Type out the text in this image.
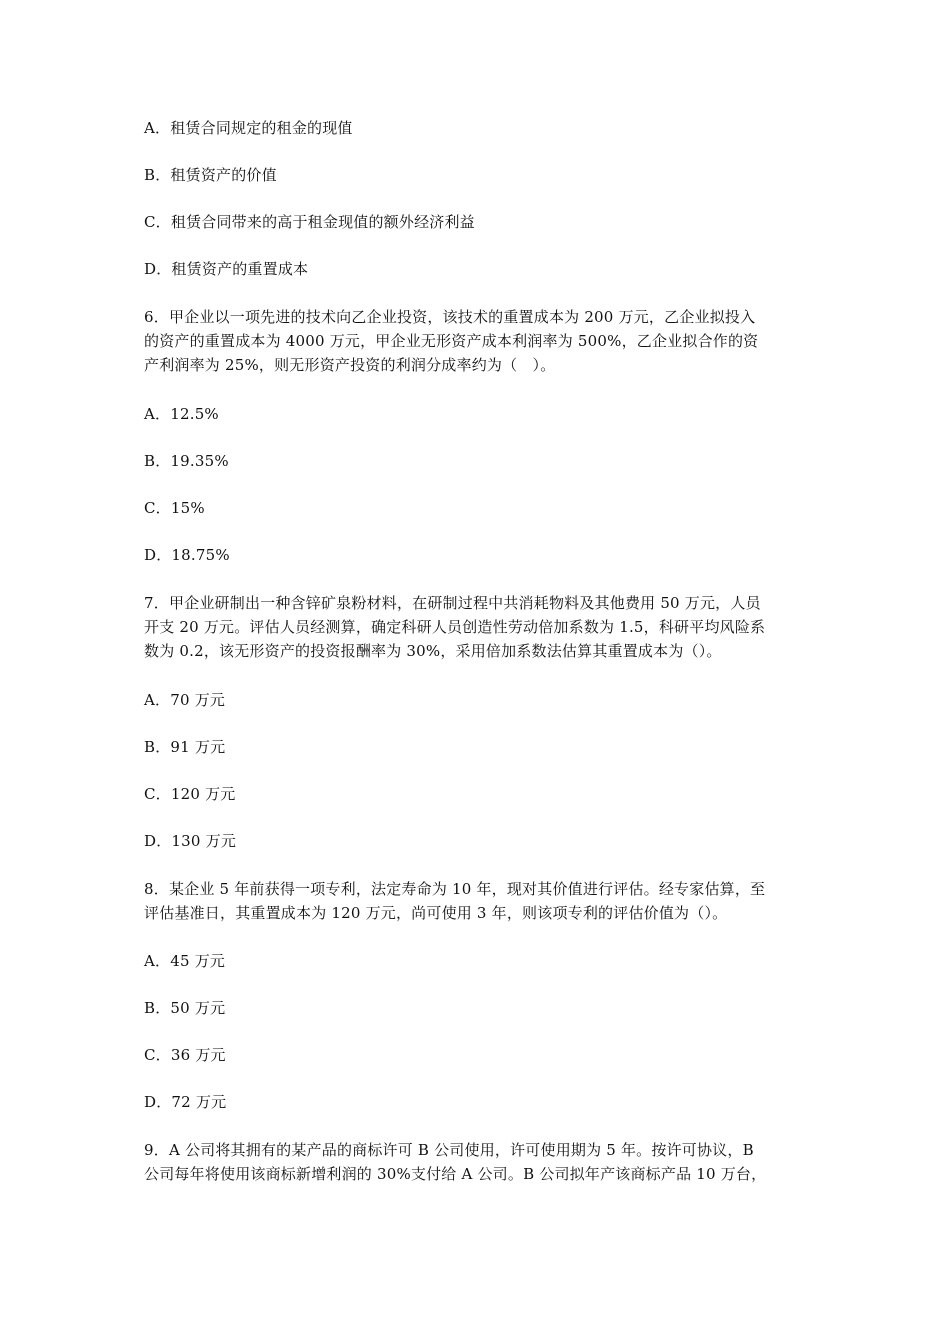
A．租赁合同规定的租金的现值
B．租赁资产的价值
C．租赁合同带来的高于租金现值的额外经济利益
D．租赁资产的重置成本
6．甲企业以一项先进的技术向乙企业投资，该技术的重置成本为 200 万元，乙企业拟投入
的资产的重置成本为 4000 万元，甲企业无形资产成本利润率为 500%，乙企业拟合作的资
产利润率为 25%，则无形资产投资的利润分成率约为（　）。
A．12.5%
B．19.35%
C．15%
D．18.75%
7．甲企业研制出一种含锌矿泉粉材料，在研制过程中共消耗物料及其他费用 50 万元，人员
开支 20 万元。评估人员经测算，确定科研人员创造性劳动倍加系数为 1.5，科研平均风险系
数为 0.2，该无形资产的投资报酬率为 30%，采用倍加系数法估算其重置成本为（）。
A．70 万元
B．91 万元
C．120 万元
D．130 万元
8．某企业 5 年前获得一项专利，法定寿命为 10 年，现对其价值进行评估。经专家估算，至
评估基准日，其重置成本为 120 万元，尚可使用 3 年，则该项专利的评估价值为（）。
A．45 万元
B．50 万元
C．36 万元
D．72 万元
9．A 公司将其拥有的某产品的商标许可 B 公司使用，许可使用期为 5 年。按许可协议，B
公司每年将使用该商标新增利润的 30%支付给 A 公司。B 公司拟年产该商标产品 10 万台，
